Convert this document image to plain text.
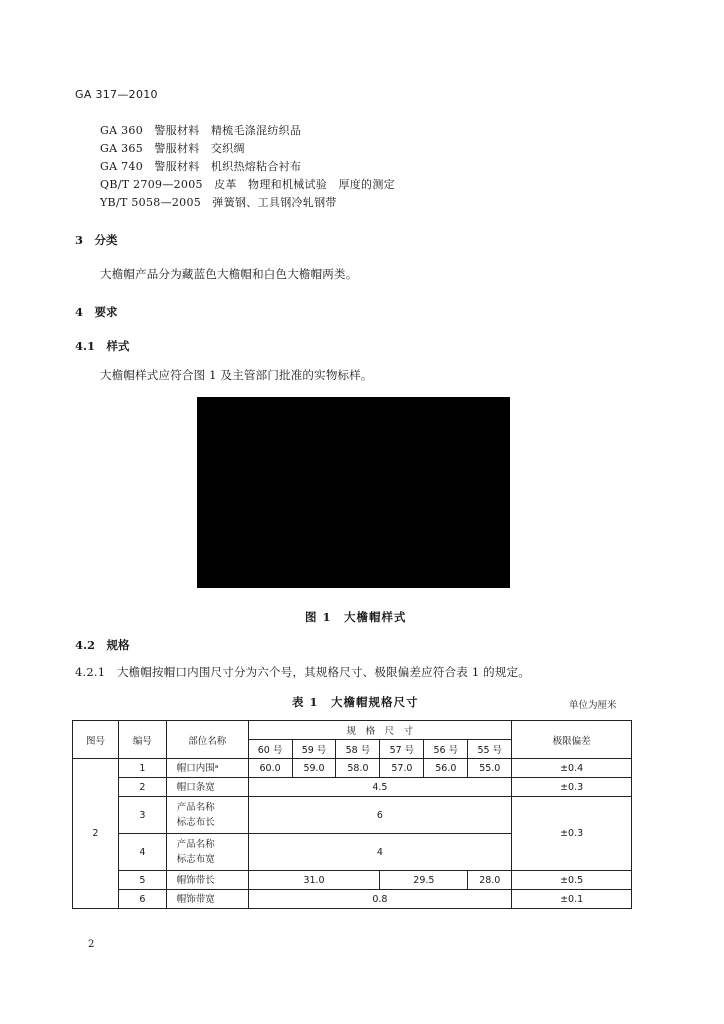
GA 317—2010
GA 360　 警服材料　精梳毛涤混纺织品
GA 365　 警服材料　交织绸
GA 740　 警服材料　机织热熔粘合衬布
QB/T 2709—2005　 皮革　物理和机械试验　厚度的测定
YB/T 5058—2005　 弹簧钢、工具钢冷轧钢带
3　分类
大檐帽产品分为藏蓝色大檐帽和白色大檐帽两类。
4　要求
4.1　样式
大檐帽样式应符合图 1 及主管部门批准的实物标样。
图 1　大檐帽样式
4.2　规格
4.2.1　大檐帽按帽口内围尺寸分为六个号，其规格尺寸、极限偏差应符合表 1 的规定。
表 1　大檐帽规格尺寸	单位为厘米
图号	编号	部位名称	规　格　尺　寸						极限偏差
			60 号	59 号	58 号	57 号	56 号	55 号	
2	1	帽口内围ᵃ	60.0	59.0	58.0	57.0	56.0	55.0	±0.4
	2	帽口条宽	4.5						±0.3
	3	产品名称
标志布长	6						±0.3
	4	产品名称
标志布宽	4						
	5	帽饰带长	31.0			29.5		28.0	±0.5
	6	帽饰带宽	0.8						±0.1
2
